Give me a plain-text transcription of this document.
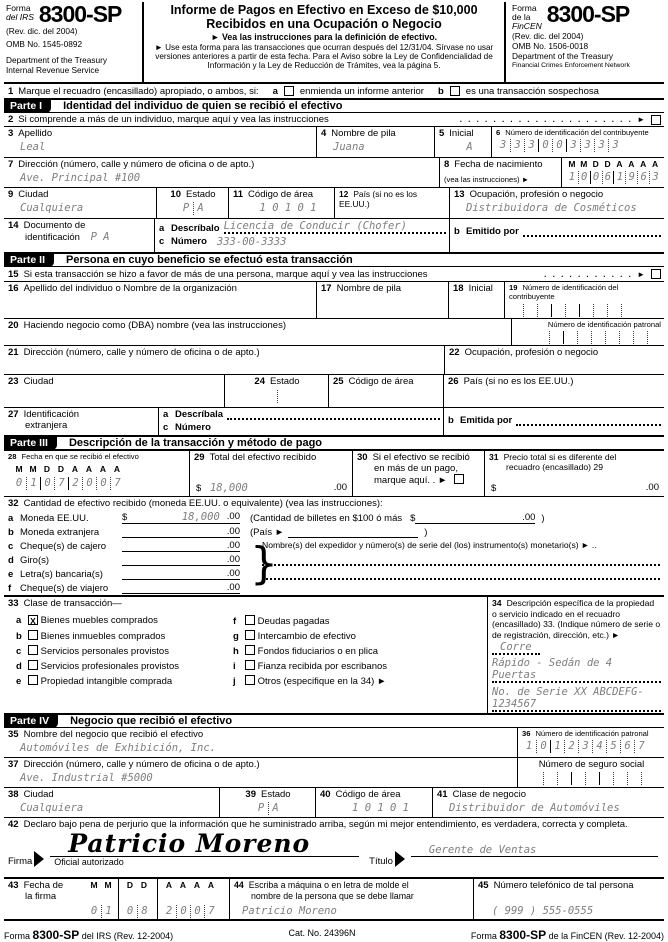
Forma
del IRS 8300-SP
(Rev. dic. del 2004)
OMB No. 1545-0892
Department of the Treasury
Internal Revenue Service
Informe de Pagos en Efectivo en Exceso de $10,000
Recibidos en una Ocupación o Negocio
► Vea las instrucciones para la definición de efectivo.
► Use esta forma para las transacciones que ocurran después del 12/31/04. Sírvase no usar versiones anteriores a partir de esta fecha. Para el Aviso sobre la Ley de Confidencialidad de Información y la Ley de Reducción de Trámites, vea la página 5.
Forma
de la
FinCEN 8300-SP
(Rev. dic. del 2004)
OMB No. 1506-0018
Department of the Treasury
Financial Crimes Enforcement Network
1 Marque el recuadro (encasillado) apropiado, o ambos, si: a enmienda un informe anterior b es una transacción sospechosa
Parte I	Identidad del individuo de quien se recibió el efectivo
2 Si comprende a más de un individuo, marque aquí y vea las instrucciones	. . . . . . . . . . . . . . . . . . . . . ►
3 Apellido
Leal
4 Nombre de pila
Juana
5 Inicial
A
6 Número de identificación del contribuyente
3 3 3 0 0 3 3 3 3
7 Dirección (número, calle y número de oficina o de apto.)
Ave. Principal #100
8 Fecha de nacimiento
(vea las instrucciones) ►
M M D D A A A A
1 0 0 6 1 9 6 3
9 Ciudad
Cualquiera
10 Estado
P A
11 Código de área
1 0 1 0 1
12 País (si no es los EE.UU.)
13 Ocupación, profesión o negocio
Distribuidora de Cosméticos
14 Documento de
identificación P A
a Descríbalo Licencia de Conducir (Chofer)
c Número 333-00-3333
b Emitido por
Parte II	Persona en cuyo beneficio se efectuó esta transacción
15 Si esta transacción se hizo a favor de más de una persona, marque aquí y vea las instrucciones	. . . . . . . . . . . ►
16 Apellido del individuo o Nombre de la organización	17 Nombre de pila	18 Inicial	19 Número de identificación del contribuyente
20 Haciendo negocio como (DBA) nombre (vea las instrucciones)	Número de identificación patronal
21 Dirección (número, calle y número de oficina o de apto.)	22 Ocupación, profesión o negocio
23 Ciudad	24 Estado	25 Código de área	26 País (si no es los EE.UU.)
27 Identificación
extranjera
a Descríbala
c Número
b Emitida por
Parte III	Descripción de la transacción y método de pago
28 Fecha en que se recibió el efectivo
M M D D A A A A
0 1 0 7 2 0 0 7
29 Total del efectivo recibido
$ 18,000	.00
30 Si el efectivo se recibió
en más de un pago,
marque aquí. . ►
31 Precio total si es diferente del
recuadro (encasillado) 29
$	.00
32 Cantidad de efectivo recibido (moneda EE.UU. o equivalente) (vea las instrucciones):
a Moneda EE.UU.	$	18,000 .00
b Moneda extranjera	.00
c Cheque(s) de cajero	.00
d Giro(s)	.00
e Letra(s) bancaria(s)	.00
f Cheque(s) de viajero	.00
(Cantidad de billetes en $100 ó más $	.00 )
(País ►	)
}
Nombre(s) del expedidor y número(s) de serie del (los) instrumento(s) monetario(s) ► ..
33 Clase de transacción—
a X Bienes muebles comprados
b Bienes inmuebles comprados
c Servicios personales provistos
d Servicios profesionales provistos
e Propiedad intangible comprada
f Deudas pagadas
g Intercambio de efectivo
h Fondos fiduciarios o en plica
i Fianza recibida por escribanos
j Otros (especifique en la 34) ►
34 Descripción específica de la propiedad o servicio indicado en el recuadro (encasillado) 33. (Indique número de serie o de registración, dirección, etc.) ► Corre
Rápido - Sedán de 4 Puertas
No. de Serie XX ABCDEFG-1234567
Parte IV	Negocio que recibió el efectivo
35 Nombre del negocio que recibió el efectivo
Automóviles de Exhibición, Inc.
36 Número de identificación patronal
1 0 1 2 3 4 5 6 7
37 Dirección (número, calle y número de oficina o de apto.)
Ave. Industrial #5000
Número de seguro social
38 Ciudad
Cualquiera
39 Estado
P A
40 Código de área
1 0 1 0 1
41 Clase de negocio
Distribuidor de Automóviles
42 Declaro bajo pena de perjurio que la información que he suministrado arriba, según mi mejor entendimiento, es verdadera, correcta y completa.
Firma
Patricio Moreno
Oficial autorizado	Título
Gerente de Ventas

43 Fecha de
la firma
M M
0 1
D D
0 8
A A A A
2 0 0 7
44 Escriba a máquina o en letra de molde el
nombre de la persona que se debe llamar
Patricio Moreno
45 Número telefónico de tal persona
( 999 ) 555-0555
Forma 8300-SP del IRS (Rev. 12-2004)	Cat. No. 24396N	Forma 8300-SP de la FinCEN (Rev. 12-2004)
